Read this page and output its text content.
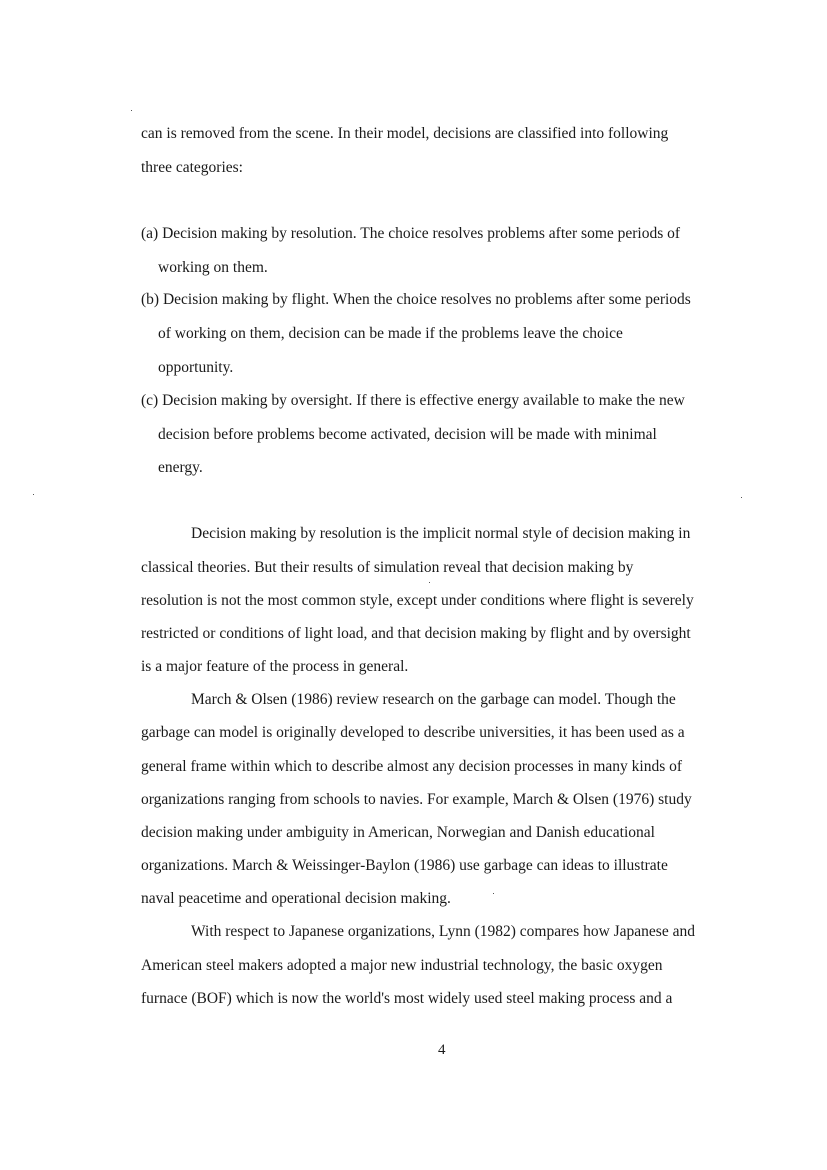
can is removed from the scene. In their model, decisions are classified into following
three categories:
(a) Decision making by resolution. The choice resolves problems after some periods of
working on them.
(b) Decision making by flight. When the choice resolves no problems after some periods
of working on them, decision can be made if the problems leave the choice
opportunity.
(c) Decision making by oversight. If there is effective energy available to make the new
decision before problems become activated, decision will be made with minimal
energy.
Decision making by resolution is the implicit normal style of decision making in
classical theories. But their results of simulation reveal that decision making by
resolution is not the most common style, except under conditions where flight is severely
restricted or conditions of light load, and that decision making by flight and by oversight
is a major feature of the process in general.
March & Olsen (1986) review research on the garbage can model. Though the
garbage can model is originally developed to describe universities, it has been used as a
general frame within which to describe almost any decision processes in many kinds of
organizations ranging from schools to navies. For example, March & Olsen (1976) study
decision making under ambiguity in American, Norwegian and Danish educational
organizations. March & Weissinger-Baylon (1986) use garbage can ideas to illustrate
naval peacetime and operational decision making.
With respect to Japanese organizations, Lynn (1982) compares how Japanese and
American steel makers adopted a major new industrial technology, the basic oxygen
furnace (BOF) which is now the world's most widely used steel making process and a
4
